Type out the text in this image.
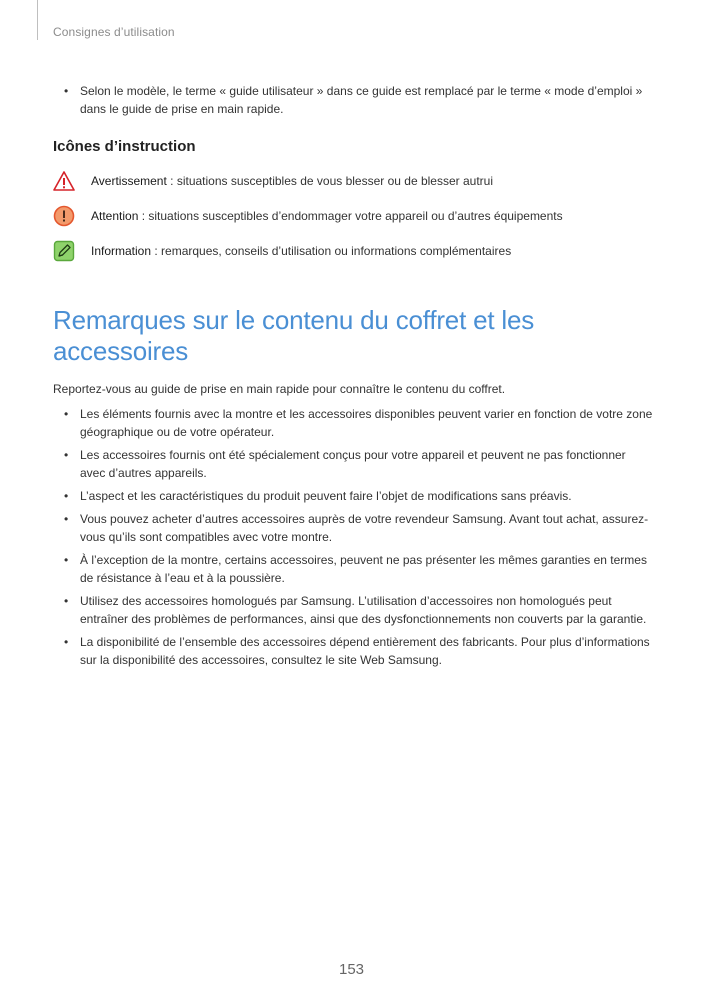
Consignes d’utilisation
• Selon le modèle, le terme « guide utilisateur » dans ce guide est remplacé par le terme « mode d’emploi » dans le guide de prise en main rapide.
Icônes d’instruction
Avertissement : situations susceptibles de vous blesser ou de blesser autrui
Attention : situations susceptibles d’endommager votre appareil ou d’autres équipements
Information : remarques, conseils d’utilisation ou informations complémentaires
Remarques sur le contenu du coffret et les accessoires
Reportez-vous au guide de prise en main rapide pour connaître le contenu du coffret.
• Les éléments fournis avec la montre et les accessoires disponibles peuvent varier en fonction de votre zone géographique ou de votre opérateur.
• Les accessoires fournis ont été spécialement conçus pour votre appareil et peuvent ne pas fonctionner avec d’autres appareils.
• L’aspect et les caractéristiques du produit peuvent faire l’objet de modifications sans préavis.
• Vous pouvez acheter d’autres accessoires auprès de votre revendeur Samsung. Avant tout achat, assurez-vous qu’ils sont compatibles avec votre montre.
• À l’exception de la montre, certains accessoires, peuvent ne pas présenter les mêmes garanties en termes de résistance à l’eau et à la poussière.
• Utilisez des accessoires homologués par Samsung. L’utilisation d’accessoires non homologués peut entraîner des problèmes de performances, ainsi que des dysfonctionnements non couverts par la garantie.
• La disponibilité de l’ensemble des accessoires dépend entièrement des fabricants. Pour plus d’informations sur la disponibilité des accessoires, consultez le site Web Samsung.
153
